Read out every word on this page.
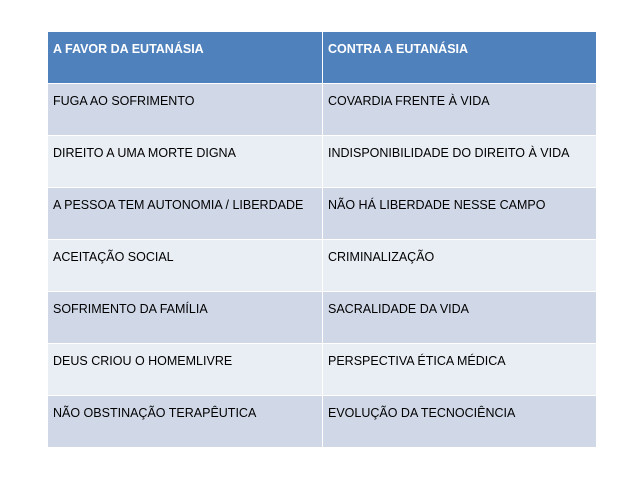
A FAVOR DA EUTANÁSIA	CONTRA A EUTANÁSIA
FUGA AO SOFRIMENTO	COVARDIA FRENTE À VIDA
DIREITO A UMA MORTE DIGNA	INDISPONIBILIDADE DO DIREITO À VIDA
A PESSOA TEM AUTONOMIA / LIBERDADE	NÃO HÁ LIBERDADE NESSE CAMPO
ACEITAÇÃO SOCIAL	CRIMINALIZAÇÃO
SOFRIMENTO DA FAMÍLIA	SACRALIDADE DA VIDA
DEUS CRIOU O HOMEMLIVRE	PERSPECTIVA ÉTICA MÉDICA
NÃO OBSTINAÇÃO TERAPÊUTICA	EVOLUÇÃO DA TECNOCIÊNCIA
